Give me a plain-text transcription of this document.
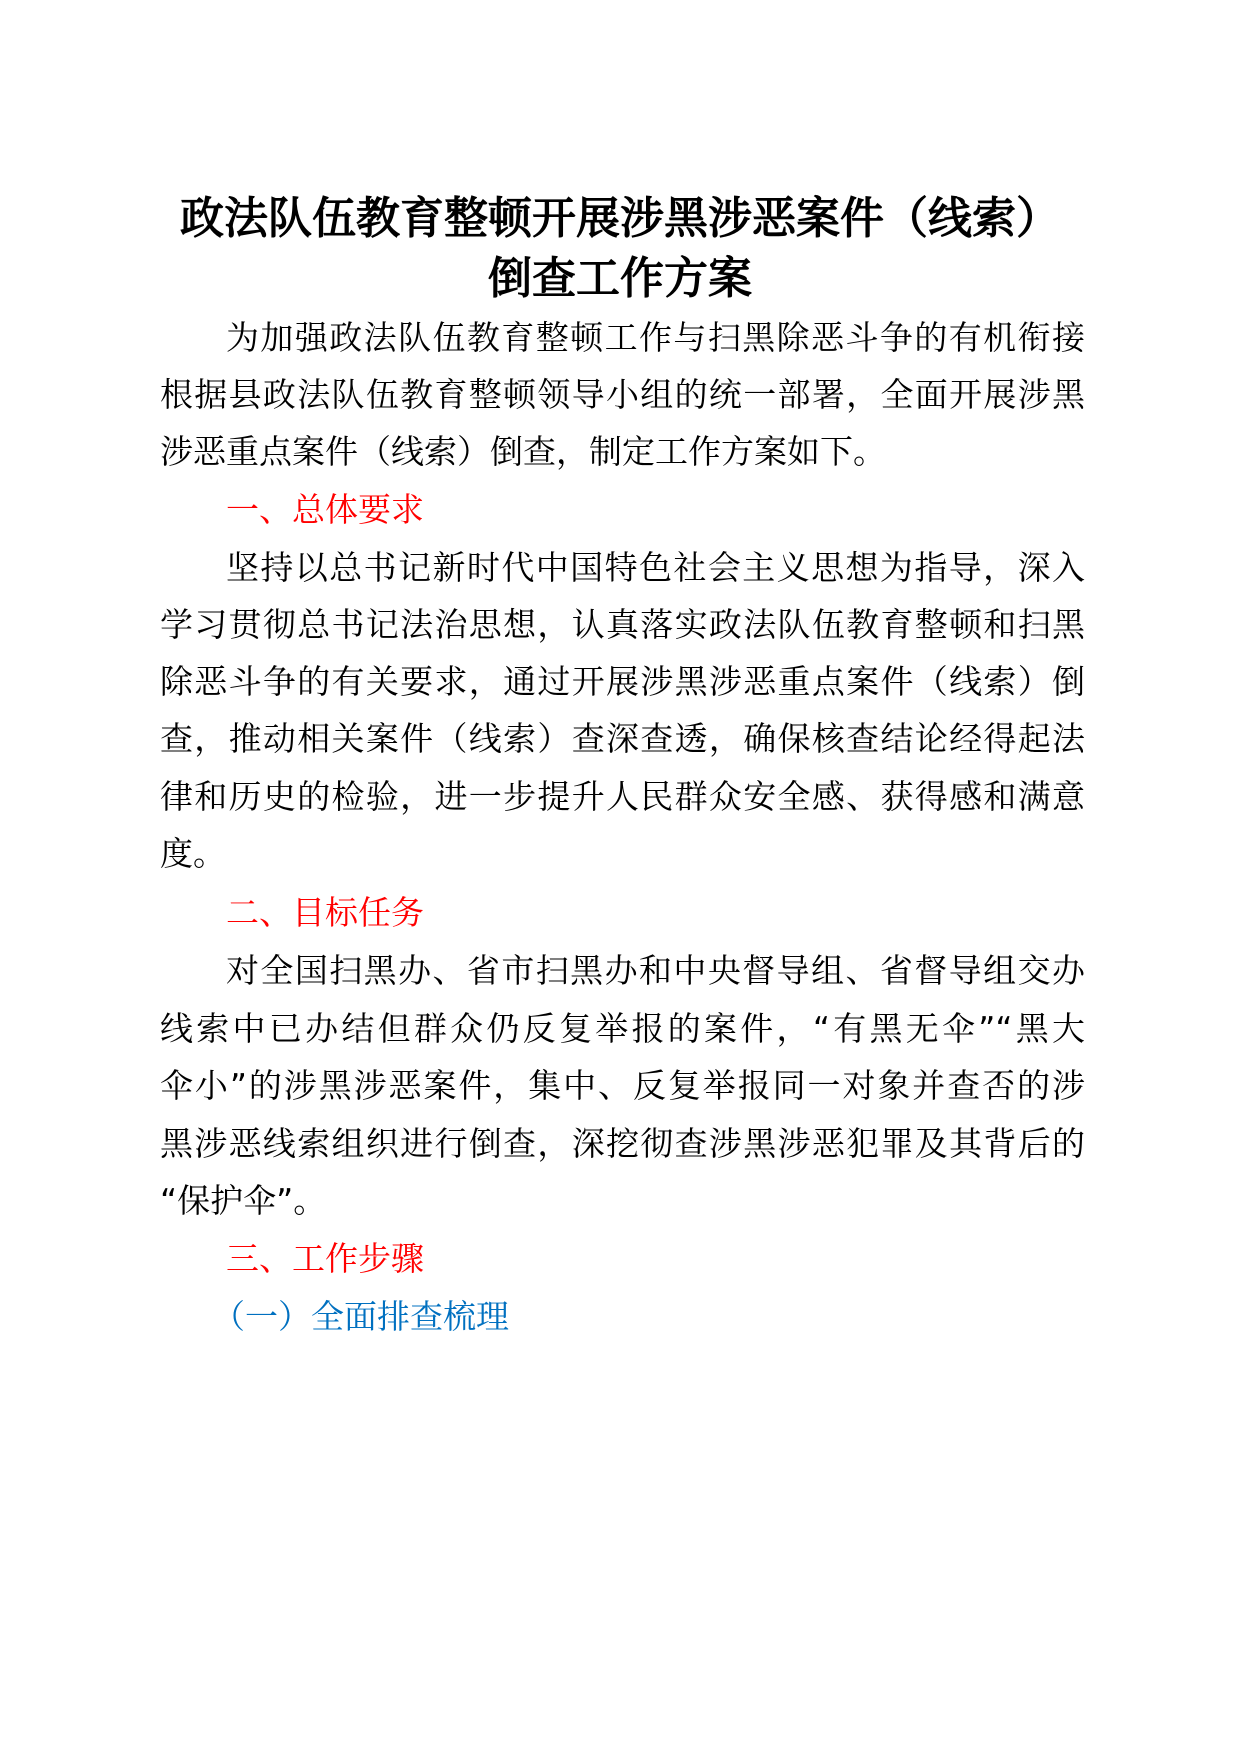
政法队伍教育整顿开展涉黑涉恶案件（线索）
倒查工作方案
为加强政法队伍教育整顿工作与扫黑除恶斗争的有机衔接
根据县政法队伍教育整顿领导小组的统一部署，全面开展涉黑
涉恶重点案件（线索）倒查，制定工作方案如下。
一、总体要求
坚持以总书记新时代中国特色社会主义思想为指导，深入
学习贯彻总书记法治思想，认真落实政法队伍教育整顿和扫黑
除恶斗争的有关要求，通过开展涉黑涉恶重点案件（线索）倒
查，推动相关案件（线索）查深查透，确保核查结论经得起法
律和历史的检验，进一步提升人民群众安全感、获得感和满意
度。
二、目标任务
对全国扫黑办、省市扫黑办和中央督导组、省督导组交办
线索中已办结但群众仍反复举报的案件，“有黑无伞”“黑大
伞小”的涉黑涉恶案件，集中、反复举报同一对象并查否的涉
黑涉恶线索组织进行倒查，深挖彻查涉黑涉恶犯罪及其背后的
“保护伞”。
三、工作步骤
（一）全面排查梳理
